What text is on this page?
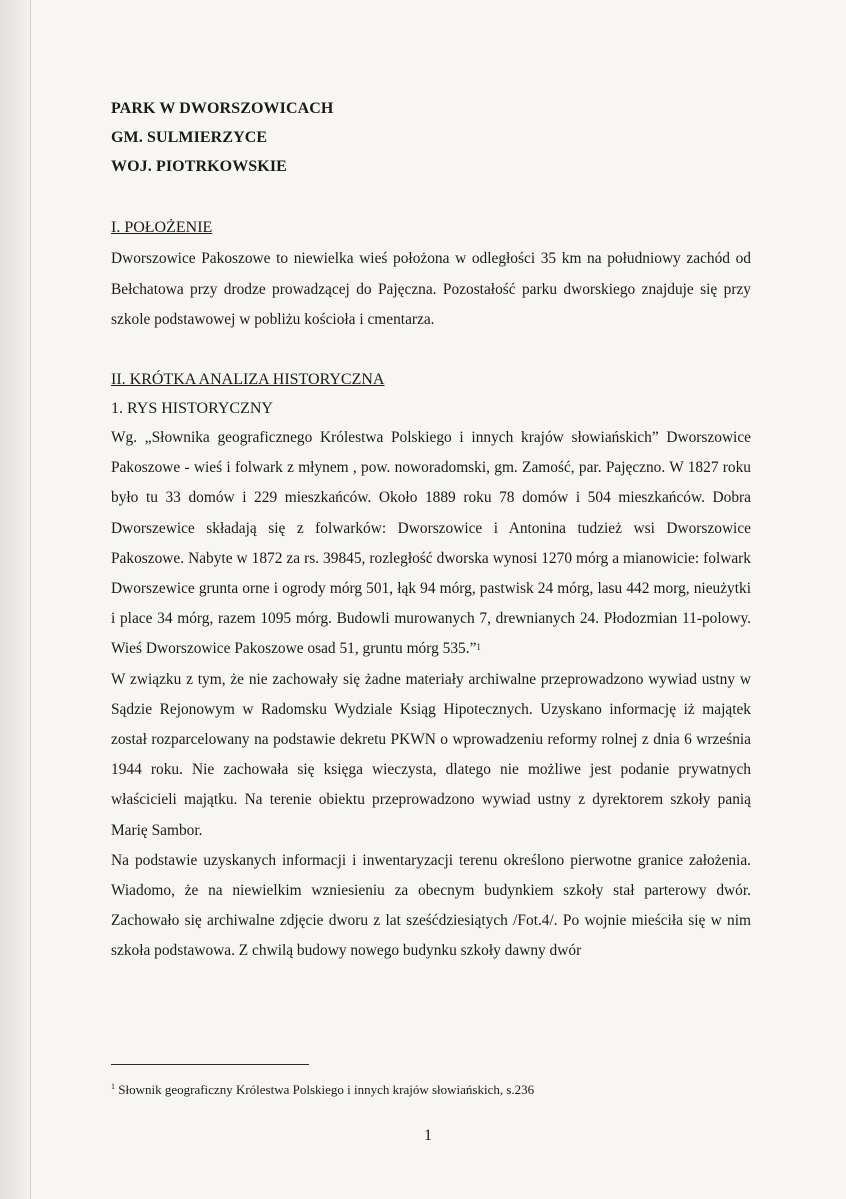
PARK W DWORSZOWICACH
GM. SULMIERZYCE
WOJ. PIOTRKOWSKIE
I. POŁOŻENIE

Dworszowice Pakoszowe to niewielka wieś położona w odległości 35 km na południowy zachód od Bełchatowa przy drodze prowadzącej do Pajęczna. Pozostałość parku dworskiego znajduje się przy szkole podstawowej w pobliżu kościoła i cmentarza.

II. KRÓTKA ANALIZA HISTORYCZNA
1. RYS HISTORYCZNY

Wg. „Słownika geograficznego Królestwa Polskiego i innych krajów słowiańskich” Dworszowice Pakoszowe - wieś i folwark z młynem , pow. noworadomski, gm. Zamość, par. Pajęczno. W 1827 roku było tu 33 domów i 229 mieszkańców. Około 1889 roku 78 domów i 504 mieszkańców. Dobra Dworszewice składają się z folwarków: Dworszowice i Antonina tudzież wsi Dworszowice Pakoszowe. Nabyte w 1872 za rs. 39845, rozległość dworska wynosi 1270 mórg a mianowicie: folwark Dworszewice grunta orne i ogrody mórg 501, łąk 94 mórg, pastwisk 24 mórg, lasu 442 morg, nieużytki i place 34 mórg, razem 1095 mórg. Budowli murowanych 7, drewnianych 24. Płodozmian 11-polowy. Wieś Dworszowice Pakoszowe osad 51, gruntu mórg 535.”$^1$

W związku z tym, że nie zachowały się żadne materiały archiwalne przeprowadzono wywiad ustny w Sądzie Rejonowym w Radomsku Wydziale Ksiąg Hipotecznych. Uzyskano informację iż majątek został rozparcelowany na podstawie dekretu PKWN o wprowadzeniu reformy rolnej z dnia 6 września 1944 roku. Nie zachowała się księga wieczysta, dlatego nie możliwe jest podanie prywatnych właścicieli majątku. Na terenie obiektu przeprowadzono wywiad ustny z dyrektorem szkoły panią Marię Sambor.

Na podstawie uzyskanych informacji i inwentaryzacji terenu określono pierwotne granice założenia. Wiadomo, że na niewielkim wzniesieniu za obecnym budynkiem szkoły stał parterowy dwór. Zachowało się archiwalne zdjęcie dworu z lat sześćdziesiątych /Fot.4/. Po wojnie mieściła się w nim szkoła podstawowa. Z chwilą budowy nowego budynku szkoły dawny dwór

$^1$ Słownik geograficzny Królestwa Polskiego i innych krajów słowiańskich, s.236
1
